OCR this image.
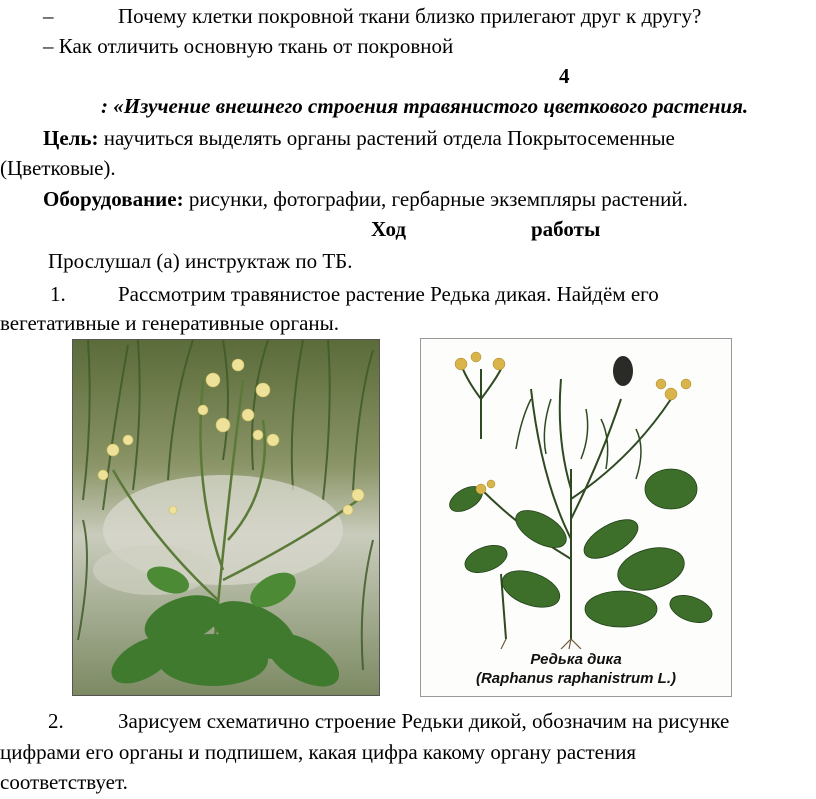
–	Почему клетки покровной ткани близко прилегают друг к другу?
– Как отличить основную ткань от покровной
4
: «Изучение внешнего строения травянистого цветкового растения.
Цель: научиться выделять органы растений отдела Покрытосеменные
(Цветковые).
Оборудование: рисунки, фотографии, гербарные экземпляры растений.
Ход	работы
Прослушал (а) инструктаж по ТБ.
1. Рассмотрим травянистое растение Редька дикая. Найдём его
вегетативные и генеративные органы.
Редька дика
(Raphanus raphanistrum L.)
2.	Зарисуем схематично строение Редьки дикой, обозначим на рисунке
цифрами его органы и подпишем, какая цифра какому органу растения
соответствует.
